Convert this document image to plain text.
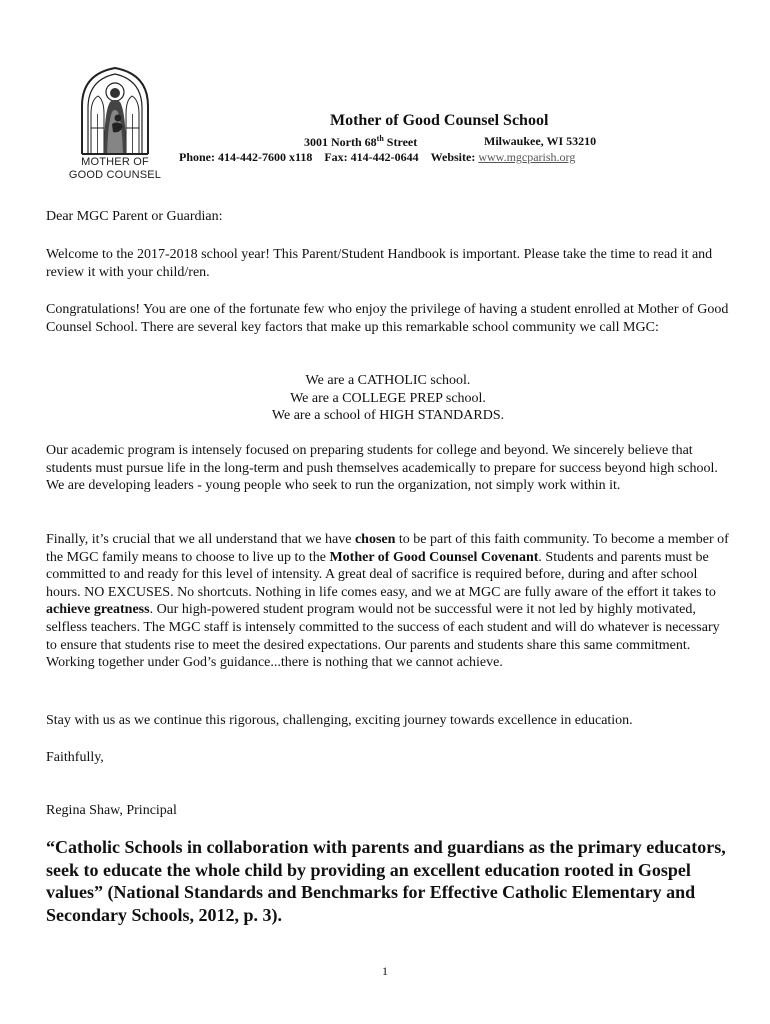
MOTHER OF
GOOD COUNSEL
Mother of Good Counsel School
3001 North 68th Street	Milwaukee, WI 53210
Phone: 414-442-7600 x118 Fax: 414-442-0644 Website: www.mgcparish.org
Dear MGC Parent or Guardian:
Welcome to the 2017-2018 school year! This Parent/Student Handbook is important. Please take the time to read it and review it with your child/ren.
Congratulations! You are one of the fortunate few who enjoy the privilege of having a student enrolled at Mother of Good Counsel School. There are several key factors that make up this remarkable school community we call MGC:
We are a CATHOLIC school.
We are a COLLEGE PREP school.
We are a school of HIGH STANDARDS.
Our academic program is intensely focused on preparing students for college and beyond. We sincerely believe that students must pursue life in the long-term and push themselves academically to prepare for success beyond high school. We are developing leaders - young people who seek to run the organization, not simply work within it.
Finally, it’s crucial that we all understand that we have chosen to be part of this faith community. To become a member of the MGC family means to choose to live up to the Mother of Good Counsel Covenant. Students and parents must be committed to and ready for this level of intensity. A great deal of sacrifice is required before, during and after school hours. NO EXCUSES. No shortcuts. Nothing in life comes easy, and we at MGC are fully aware of the effort it takes to achieve greatness. Our high-powered student program would not be successful were it not led by highly motivated, selfless teachers. The MGC staff is intensely committed to the success of each student and will do whatever is necessary to ensure that students rise to meet the desired expectations. Our parents and students share this same commitment. Working together under God’s guidance...there is nothing that we cannot achieve.
Stay with us as we continue this rigorous, challenging, exciting journey towards excellence in education.
Faithfully,
Regina Shaw, Principal
“Catholic Schools in collaboration with parents and guardians as the primary educators, seek to educate the whole child by providing an excellent education rooted in Gospel values” (National Standards and Benchmarks for Effective Catholic Elementary and Secondary Schools, 2012, p. 3).
1
